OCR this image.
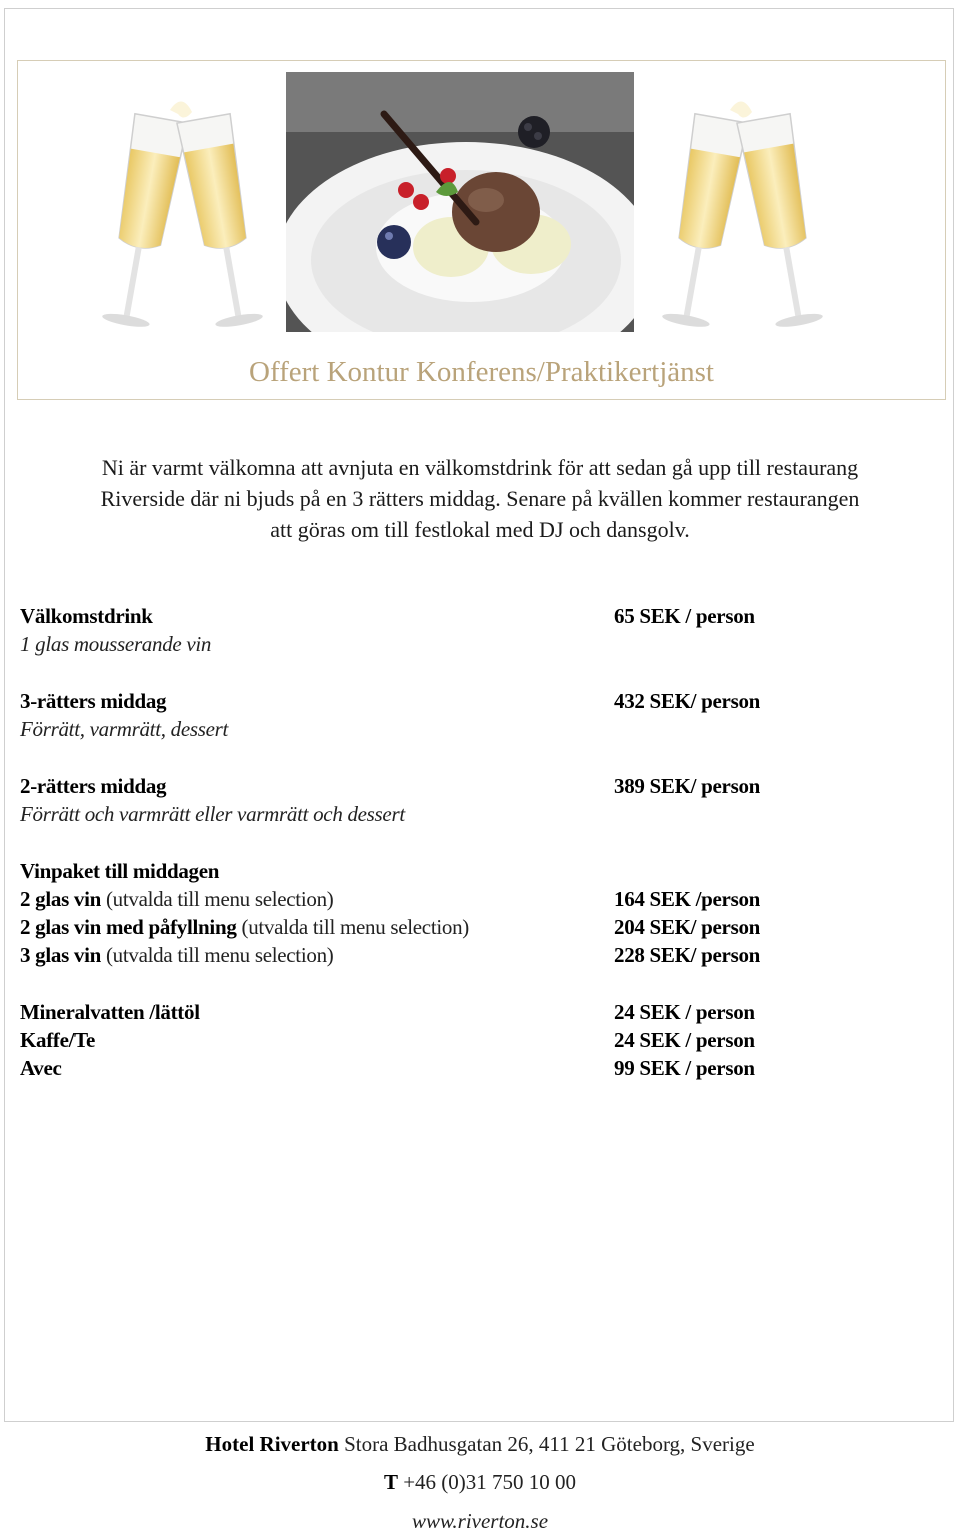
Offert Kontur Konferens/Praktikertjänst
Ni är varmt välkomna att avnjuta en välkomstdrink för att sedan gå upp till restaurang
Riverside där ni bjuds på en 3 rätters middag. Senare på kvällen kommer restaurangen
att göras om till festlokal med DJ och dansgolv.
Välkomstdrink	65 SEK / person
1 glas mousserande vin
3-rätters middag	432 SEK/ person
Förrätt, varmrätt, dessert
2-rätters middag	389 SEK/ person
Förrätt och varmrätt eller varmrätt och dessert
Vinpaket till middagen
2 glas vin (utvalda till menu selection)	164 SEK /person
2 glas vin med påfyllning (utvalda till menu selection)	204 SEK/ person
3 glas vin (utvalda till menu selection)	228 SEK/ person
Mineralvatten /lättöl	24 SEK / person
Kaffe/Te	24 SEK / person
Avec	99 SEK / person
Hotel Riverton Stora Badhusgatan 26, 411 21 Göteborg, Sverige
T +46 (0)31 750 10 00
www.riverton.se
